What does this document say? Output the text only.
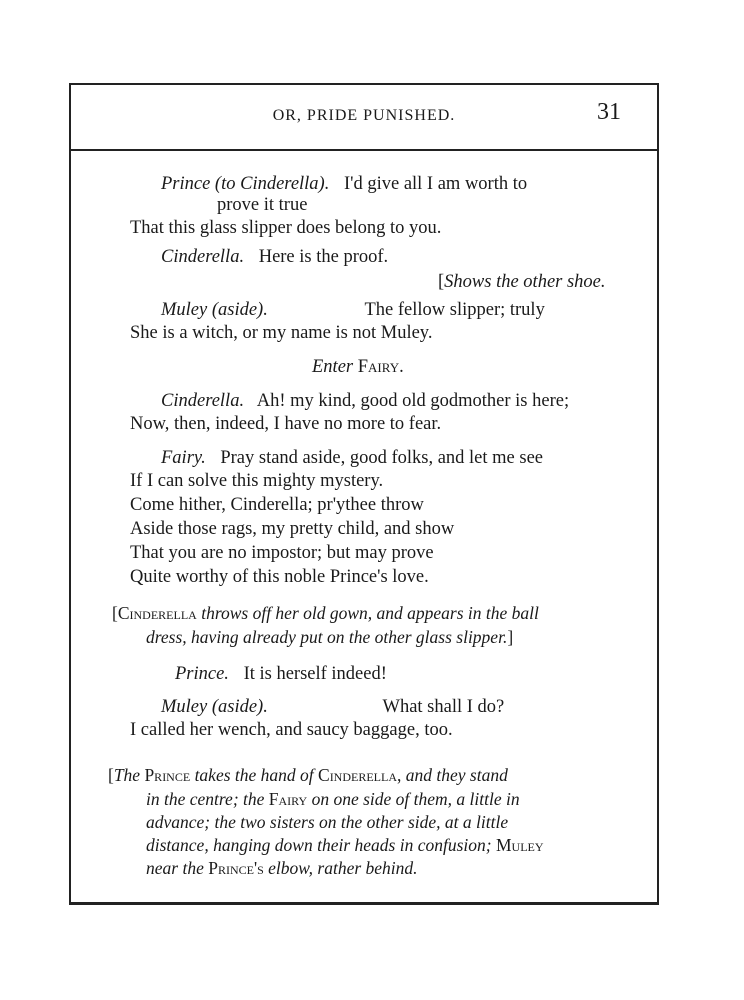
OR, PRIDE PUNISHED.	31
Prince (to Cinderella). I'd give all I am worth to
prove it true
That this glass slipper does belong to you.
Cinderella. Here is the proof.
[Shows the other shoe.
Muley (aside).	The fellow slipper; truly
She is a witch, or my name is not Muley.
Enter Fairy.
Cinderella. Ah! my kind, good old godmother is here;
Now, then, indeed, I have no more to fear.
Fairy. Pray stand aside, good folks, and let me see
If I can solve this mighty mystery.
Come hither, Cinderella; pr'ythee throw
Aside those rags, my pretty child, and show
That you are no impostor; but may prove
Quite worthy of this noble Prince's love.
[Cinderella throws off her old gown, and appears in the ball
dress, having already put on the other glass slipper.]
Prince. It is herself indeed!
Muley (aside).	What shall I do?
I called her wench, and saucy baggage, too.
[The Prince takes the hand of Cinderella, and they stand
in the centre; the Fairy on one side of them, a little in
advance; the two sisters on the other side, at a little
distance, hanging down their heads in confusion; Muley
near the Prince's elbow, rather behind.
